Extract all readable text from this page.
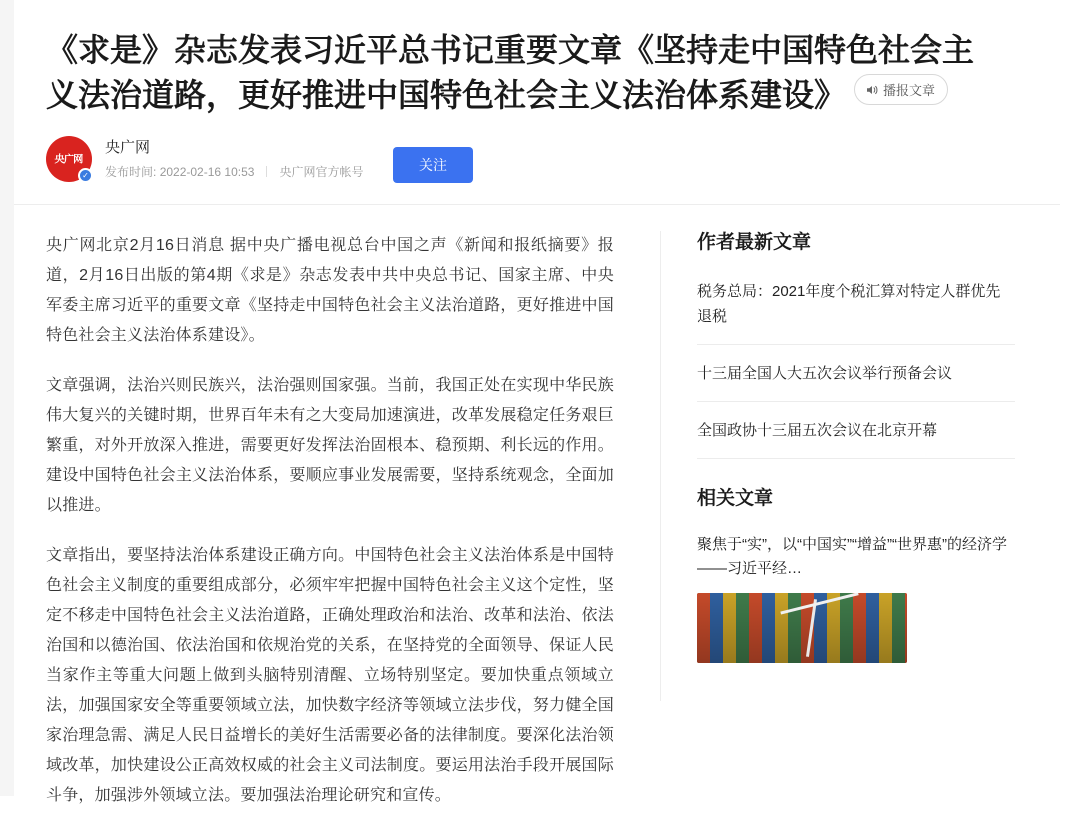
《求是》杂志发表习近平总书记重要文章《坚持走中国特色社会主义法治道路，更好推进中国特色社会主义法治体系建设》	播报文章
央广网
✓
央广网
发布时间:
2022-02-16 10:53 央广网官方帐号	关注

央广网北京2月16日消息 据中央广播电视总台中国之声《新闻和报纸摘要》报道，2月16日出版的第4期《求是》杂志发表中共中央总书记、国家主席、中央军委主席习近平的重要文章《坚持走中国特色社会主义法治道路，更好推进中国特色社会主义法治体系建设》。

文章强调，法治兴则民族兴，法治强则国家强。当前，我国正处在实现中华民族伟大复兴的关键时期，世界百年未有之大变局加速演进，改革发展稳定任务艰巨繁重，对外开放深入推进，需要更好发挥法治固根本、稳预期、利长远的作用。建设中国特色社会主义法治体系，要顺应事业发展需要，坚持系统观念，全面加以推进。

文章指出，要坚持法治体系建设正确方向。中国特色社会主义法治体系是中国特色社会主义制度的重要组成部分，必须牢牢把握中国特色社会主义这个定性，坚定不移走中国特色社会主义法治道路，正确处理政治和法治、改革和法治、依法治国和以德治国、依法治国和依规治党的关系，在坚持党的全面领导、保证人民当家作主等重大问题上做到头脑特别清醒、立场特别坚定。要加快重点领域立法，加强国家安全等重要领域立法，加快数字经济等领域立法步伐，努力健全国家治理急需、满足人民日益增长的美好生活需要必备的法律制度。要深化法治领域改革，加快建设公正高效权威的社会主义司法制度。要运用法治手段开展国际斗争，加强涉外领域立法。要加强法治理论研究和宣传。

作者最新文章
税务总局：2021年度个税汇算对特定人群优先退税
十三届全国人大五次会议举行预备会议
全国政协十三届五次会议在北京开幕
相关文章
聚焦于“实”，以“中国实”“增益”“世界惠”的经济学——习近平经…
